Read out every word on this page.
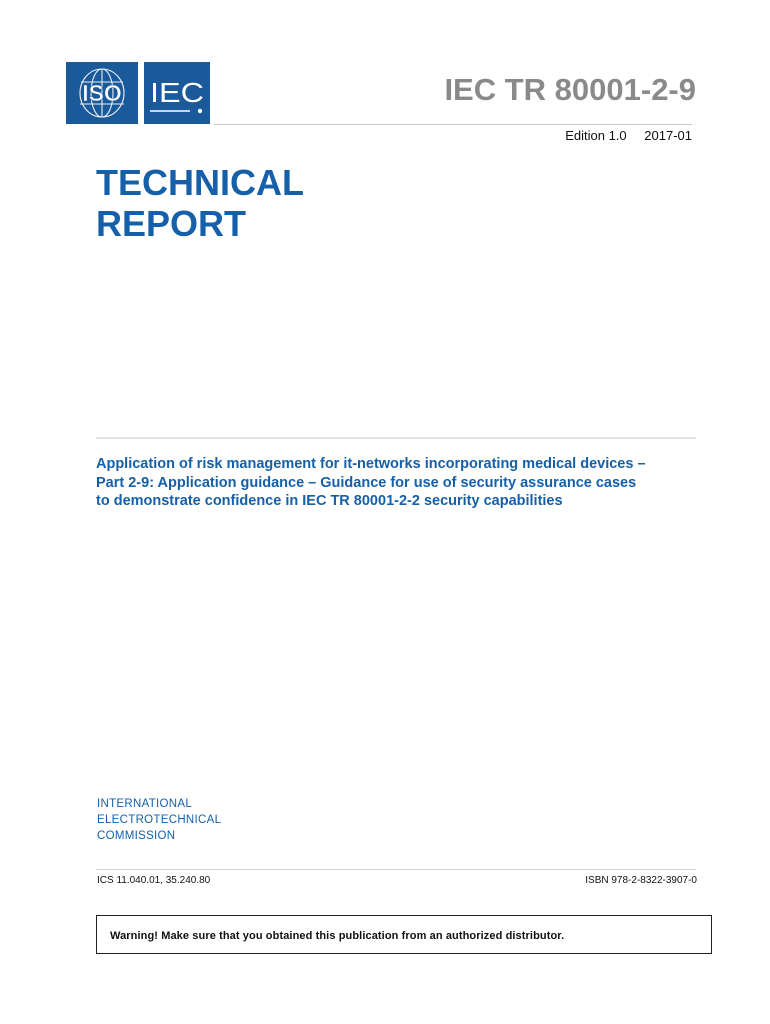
ISO IEC	IEC TR 80001-2-9
Edition 1.0 2017-01
TECHNICAL
REPORT
Application of risk management for it-networks incorporating medical devices –
Part 2-9: Application guidance – Guidance for use of security assurance cases
to demonstrate confidence in IEC TR 80001-2-2 security capabilities
INTERNATIONAL
ELECTROTECHNICAL
COMMISSION
ICS 11.040.01, 35.240.80	ISBN 978-2-8322-3907-0
Warning! Make sure that you obtained this publication from an authorized distributor.
